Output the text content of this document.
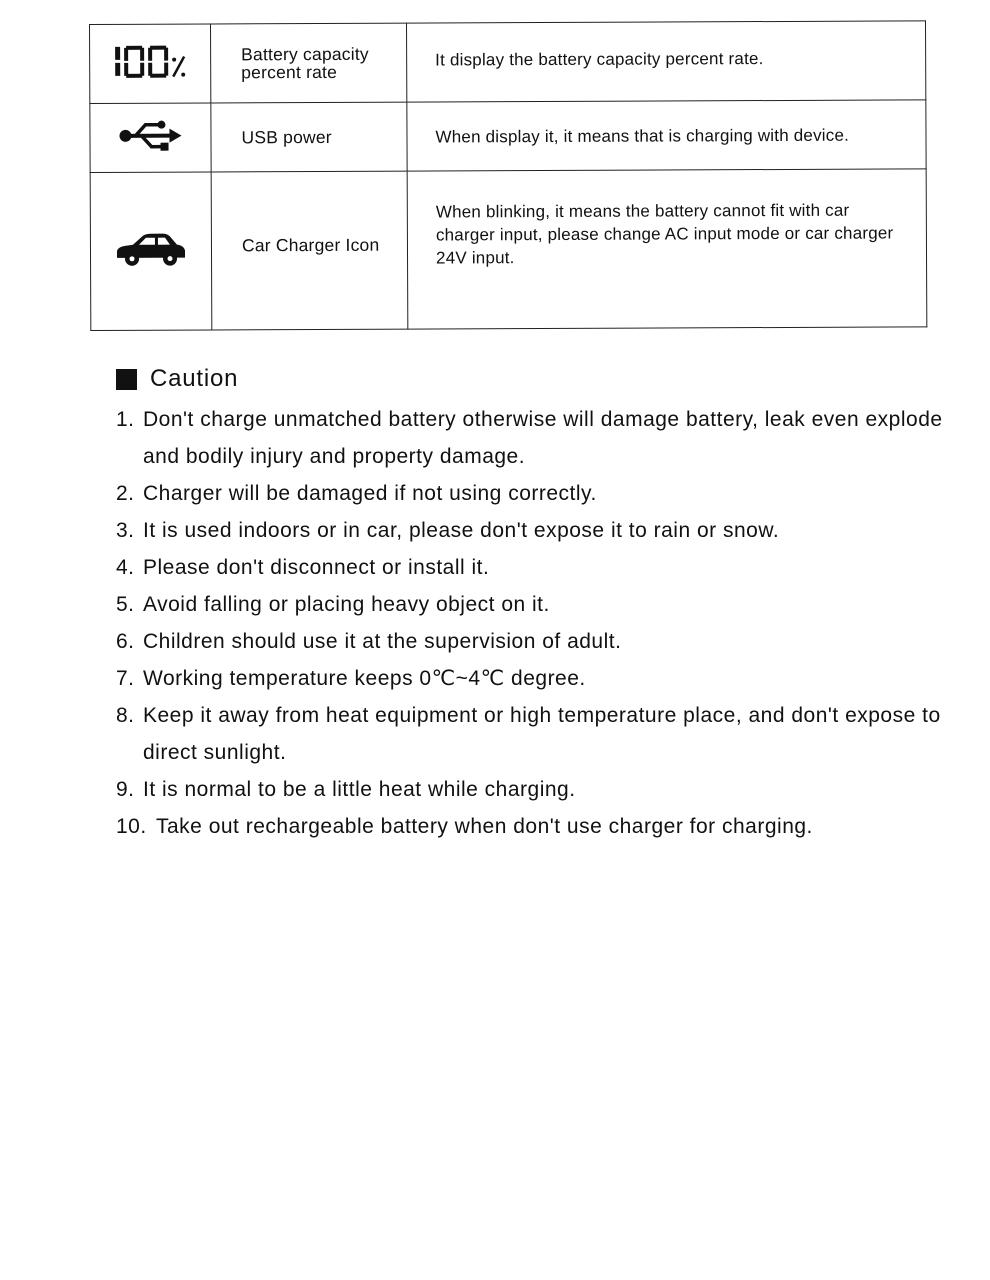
Battery capacity
percent rate	It display the battery capacity percent rate.

USB power	When display it, it means that is charging with device.

Car Charger Icon	When blinking, it means the battery cannot fit with car charger input, please change AC input mode or car charger 24V input.
Caution
1. Don't charge unmatched battery otherwise will damage battery, leak even explode and bodily injury and property damage.
2. Charger will be damaged if not using correctly.
3. It is used indoors or in car, please don't expose it to rain or snow.
4. Please don't disconnect or install it.
5. Avoid falling or placing heavy object on it.
6. Children should use it at the supervision of adult.
7. Working temperature keeps 0℃~4℃ degree.
8. Keep it away from heat equipment or high temperature place, and don't expose to direct sunlight.
9. It is normal to be a little heat while charging.
10. Take out rechargeable battery when don't use charger for charging.
